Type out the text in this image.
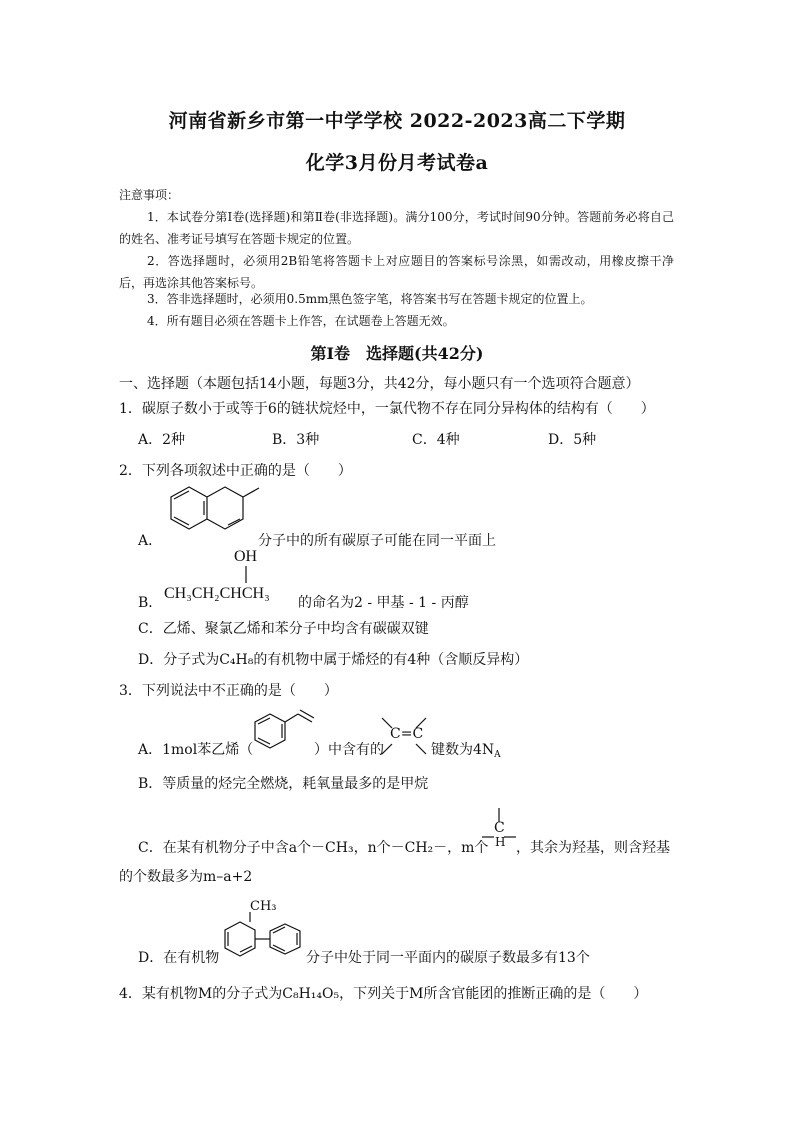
河南省新乡市第一中学学校 2022-2023高二下学期
化学3月份月考试卷a
注意事项：
1．本试卷分第Ⅰ卷(选择题)和第Ⅱ卷(非选择题)。满分100分，考试时间90分钟。答题前务必将自己的姓名、准考证号填写在答题卡规定的位置。
2．答选择题时，必须用2B铅笔将答题卡上对应题目的答案标号涂黑，如需改动，用橡皮擦干净后，再选涂其他答案标号。
3．答非选择题时，必须用0.5mm黑色签字笔，将答案书写在答题卡规定的位置上。
4．所有题目必须在答题卡上作答，在试题卷上答题无效。
第Ⅰ卷　选择题(共42分)
一、选择题（本题包括14小题，每题3分，共42分，每小题只有一个选项符合题意）
1．碳原子数小于或等于6的链状烷烃中，一氯代物不存在同分异构体的结构有（　　）
A．2种	B．3种	C．4种	D．5种
2．下列各项叙述中正确的是（　　）
A．	分子中的所有碳原子可能在同一平面上
B．
OH
CH₃CH₂CHCH₃
的命名为2 - 甲基 - 1 - 丙醇
C．乙烯、聚氯乙烯和苯分子中均含有碳碳双键
D．分子式为C₄H₈的有机物中属于烯烃的有4种（含顺反异构）
3．下列说法中不正确的是（　　）
A．1mol苯乙烯（	）中含有的
C=C
键数为$4N_A$
B．等质量的烃完全燃烧，耗氧量最多的是甲烷
C．在某有机物分子中含a个－CH₃，n个－CH₂－，m个
C
H ，其余为羟基，则含羟基
的个数最多为m–a+2
CH₃
D．在有机物	分子中处于同一平面内的碳原子数最多有13个
4．某有机物M的分子式为C₈H₁₄O₅，下列关于M所含官能团的推断正确的是（　　）
